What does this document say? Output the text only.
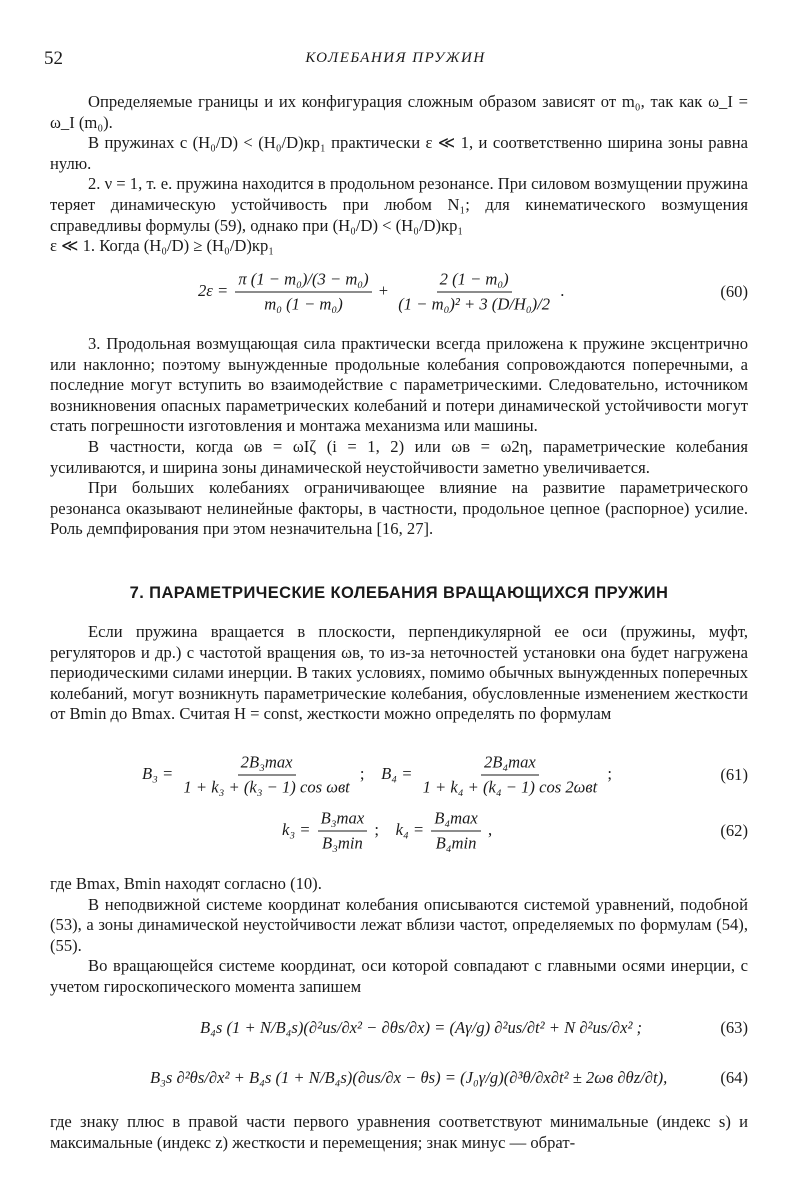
52	КОЛЕБАНИЯ ПРУЖИН

Определяемые границы и их конфигурация сложным образом зависят от m₀, так как ω_I = ω_I (m₀).

В пружинах с (H₀/D) < (H₀/D)кр₁ практически ε ≪ 1, и соответственно ширина зоны равна нулю.

2. ν = 1, т. е. пружина находится в продольном резонансе. При силовом возмущении пружина теряет динамическую устойчивость при любом N₁; для кинематического возмущения справедливы формулы (59), однако при (H₀/D) < (H₀/D)кр₁

ε ≪ 1. Когда (H₀/D) ≥ (H₀/D)кр₁

$2\varepsilon = \frac{\text{π (1 − m₀)/(3 − m₀)}}{\text{m₀ (1 − m₀)}} + \frac{\text{2 (1 − m₀)}}{\text{(1 − m₀)² + 3 (D/H₀)/2}}$ .	(60)

3. Продольная возмущающая сила практически всегда приложена к пружине эксцентрично или наклонно; поэтому вынужденные продольные колебания сопровождаются поперечными, а последние могут вступить во взаимодействие с параметрическими. Следовательно, источником возникновения опасных параметрических колебаний и потери динамической устойчивости могут стать погрешности изготовления и монтажа механизма или машины.

В частности, когда ωв = ωIζ (i = 1, 2) или ωв = ω2η, параметрические колебания усиливаются, и ширина зоны динамической неустойчивости заметно увеличивается.

При больших колебаниях ограничивающее влияние на развитие параметрического резонанса оказывают нелинейные факторы, в частности, продольное цепное (распорное) усилие. Роль демпфирования при этом незначительна [16, 27].

7. ПАРАМЕТРИЧЕСКИЕ КОЛЕБАНИЯ ВРАЩАЮЩИХСЯ ПРУЖИН

Если пружина вращается в плоскости, перпендикулярной ее оси (пружины, муфт, регуляторов и др.) с частотой вращения ωв, то из-за неточностей установки она будет нагружена периодическими силами инерции. В таких условиях, помимо обычных вынужденных поперечных колебаний, могут возникнуть параметрические колебания, обусловленные изменением жесткости от Bmin до Bmax. Считая H = const, жесткости можно определять по формулам

$B_3 = \frac{\text{2B₃max}}{\text{1 + k₃ + (k₃ − 1) cos ωвt}}$ ; $B_4 = \frac{\text{2B₄max}}{\text{1 + k₄ + (k₄ − 1) cos 2ωвt}}$ ;	(61)
$k_3 = \frac{\text{B₃max}}{\text{B₃min}}$ ; $k_4 = \frac{\text{B₄max}}{\text{B₄min}}$ ,	(62)

где Bmax, Bmin находят согласно (10).

В неподвижной системе координат колебания описываются системой уравнений, подобной (53), а зоны динамической неустойчивости лежат вблизи частот, определяемых по формулам (54), (55).

Во вращающейся системе координат, оси которой совпадают с главными осями инерции, с учетом гироскопического момента запишем

B₄s (1 + N/B₄s)(∂²us/∂x² − ∂θs/∂x) = (Aγ/g) ∂²us/∂t² + N ∂²us/∂x² ;	(63)
B₃s ∂²θs/∂x² + B₄s (1 + N/B₄s)(∂us/∂x − θs) = (J₀γ/g)(∂³θ/∂x∂t² ± 2ωв ∂θz/∂t),	(64)

где знаку плюс в правой части первого уравнения соответствуют минимальные (индекс s) и максимальные (индекс z) жесткости и перемещения; знак минус — обрат-
